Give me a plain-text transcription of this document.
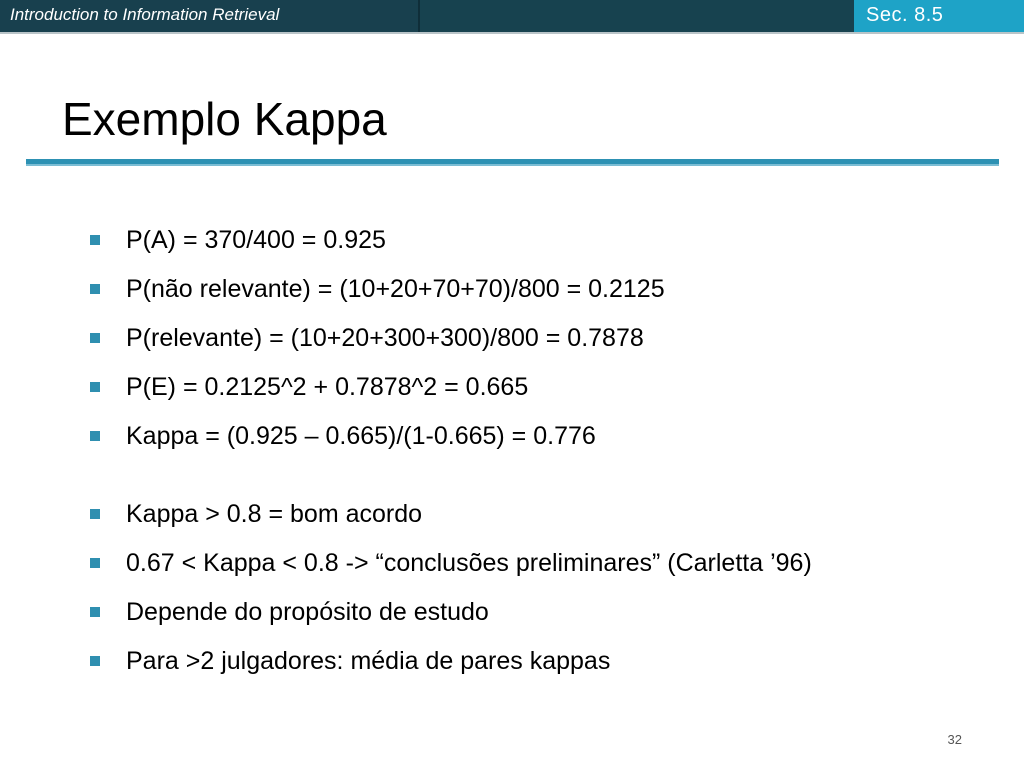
Introduction to Information Retrieval	Sec. 8.5
Exemplo Kappa
P(A) = 370/400 = 0.925
P(não relevante) = (10+20+70+70)/800 = 0.2125
P(relevante) = (10+20+300+300)/800 = 0.7878
P(E) = 0.2125^2 + 0.7878^2 = 0.665
Kappa = (0.925 – 0.665)/(1-0.665) = 0.776
Kappa > 0.8 = bom acordo
0.67 < Kappa < 0.8 -> “conclusões preliminares” (Carletta ’96)
Depende do propósito de estudo
Para >2 julgadores: média de pares kappas
32
